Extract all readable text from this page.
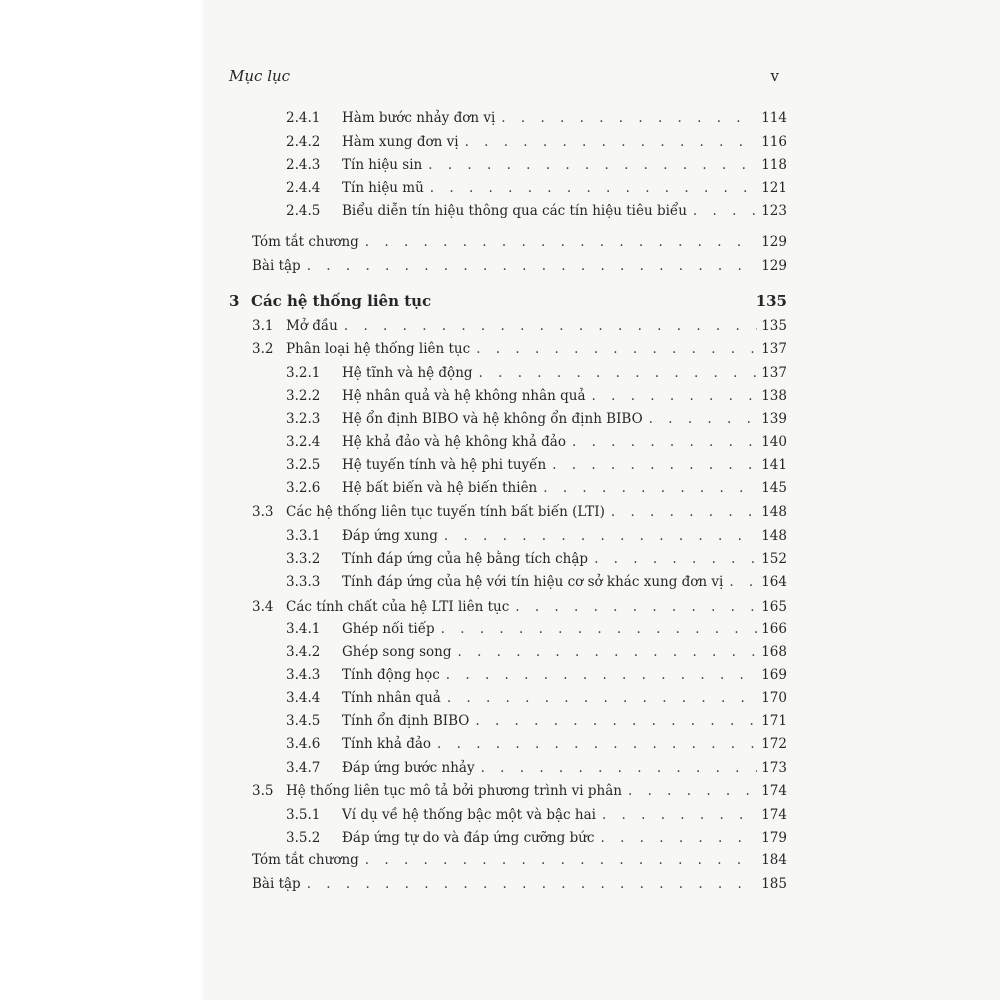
Mục lục	v
2.4.1	Hàm bước nhảy đơn vị . . .	114
2.4.2	Hàm xung đơn vị . . .	116
2.4.3	Tín hiệu sin . . .	118
2.4.4	Tín hiệu mũ . . .	121
2.4.5	Biểu diễn tín hiệu thông qua các tín hiệu tiêu biểu . . .	123
Tóm tắt chương . . .	129
Bài tập . . .	129
3 Các hệ thống liên tục	135
3.1 Mở đầu . . .	135
3.2 Phân loại hệ thống liên tục . . .	137
3.2.1	Hệ tĩnh và hệ động . . .	137
3.2.2	Hệ nhân quả và hệ không nhân quả . . .	138
3.2.3	Hệ ổn định BIBO và hệ không ổn định BIBO . . .	139
3.2.4	Hệ khả đảo và hệ không khả đảo . . .	140
3.2.5	Hệ tuyến tính và hệ phi tuyến . . .	141
3.2.6	Hệ bất biến và hệ biến thiên . . .	145
3.3 Các hệ thống liên tục tuyến tính bất biến (LTI) . . .	148
3.3.1	Đáp ứng xung . . .	148
3.3.2	Tính đáp ứng của hệ bằng tích chập . . .	152
3.3.3	Tính đáp ứng của hệ với tín hiệu cơ sở khác xung đơn vị . . .	164
3.4 Các tính chất của hệ LTI liên tục . . .	165
3.4.1	Ghép nối tiếp . . .	166
3.4.2	Ghép song song . . .	168
3.4.3	Tính động học . . .	169
3.4.4	Tính nhân quả . . .	170
3.4.5	Tính ổn định BIBO . . .	171
3.4.6	Tính khả đảo . . .	172
3.4.7	Đáp ứng bước nhảy . . .	173
3.5 Hệ thống liên tục mô tả bởi phương trình vi phân . . .	174
3.5.1	Ví dụ về hệ thống bậc một và bậc hai . . .	174
3.5.2	Đáp ứng tự do và đáp ứng cưỡng bức . . .	179
Tóm tắt chương . . .	184
Bài tập . . .	185
